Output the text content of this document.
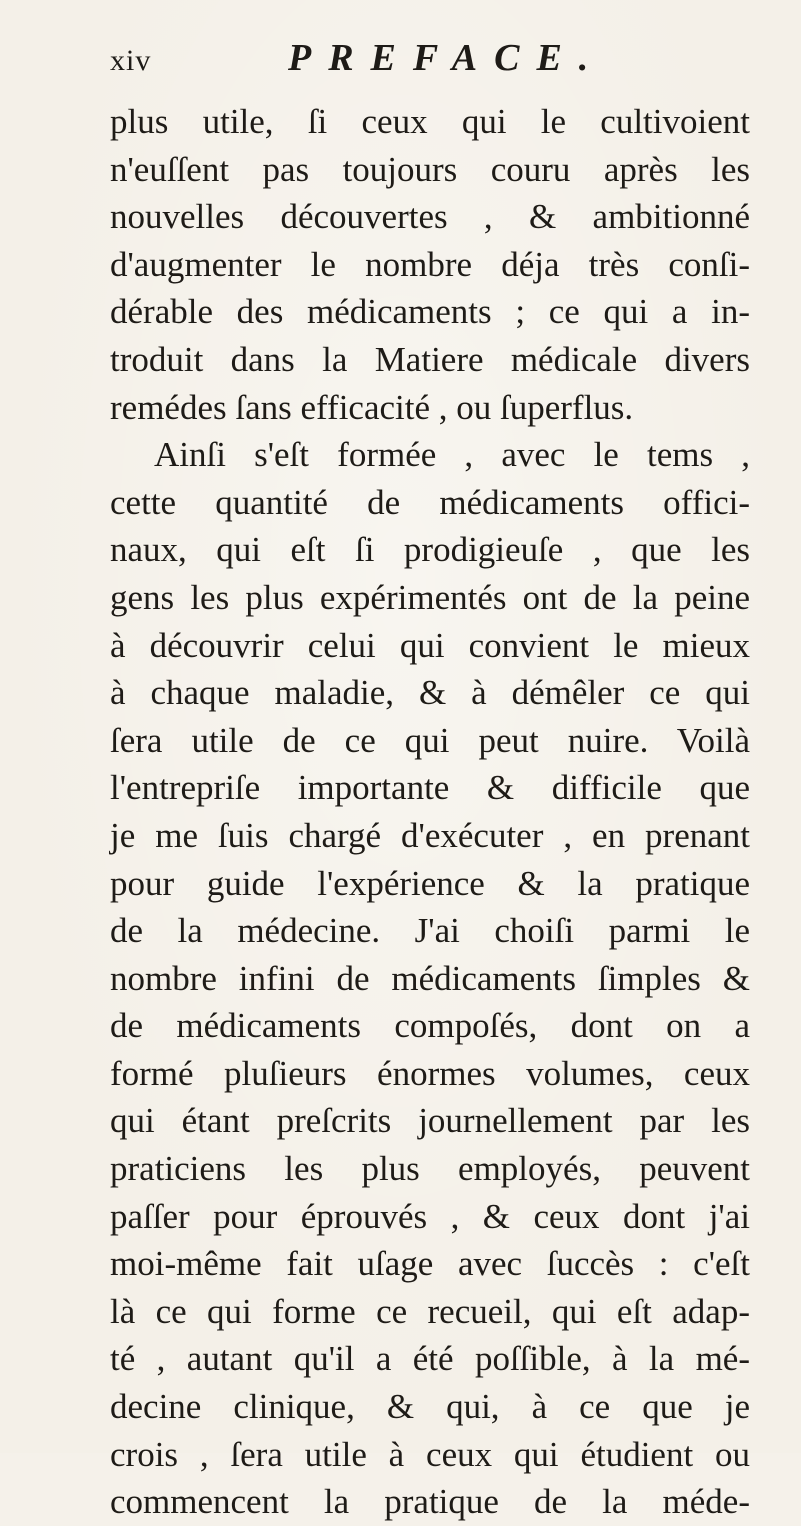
xiv	PREFACE.
plus utile, ſi ceux qui le cultivoient
n'euſſent pas toujours couru après les
nouvelles découvertes , & ambitionné
d'augmenter le nombre déja très conſi-
dérable des médicaments ; ce qui a in-
troduit dans la Matiere médicale divers
remédes ſans efficacité , ou ſuperflus.
Ainſi s'eſt formée , avec le tems ,
cette quantité de médicaments offici-
naux, qui eſt ſi prodigieuſe , que les
gens les plus expérimentés ont de la peine
à découvrir celui qui convient le mieux
à chaque maladie, & à démêler ce qui
ſera utile de ce qui peut nuire. Voilà
l'entrepriſe importante & difficile que
je me ſuis chargé d'exécuter , en prenant
pour guide l'expérience & la pratique
de la médecine. J'ai choiſi parmi le
nombre infini de médicaments ſimples &
de médicaments compoſés, dont on a
formé pluſieurs énormes volumes, ceux
qui étant preſcrits journellement par les
praticiens les plus employés, peuvent
paſſer pour éprouvés , & ceux dont j'ai
moi-même fait uſage avec ſuccès : c'eſt
là ce qui forme ce recueil, qui eſt adap-
té , autant qu'il a été poſſible, à la mé-
decine clinique, & qui, à ce que je
crois , ſera utile à ceux qui étudient ou
commencent la pratique de la méde-
